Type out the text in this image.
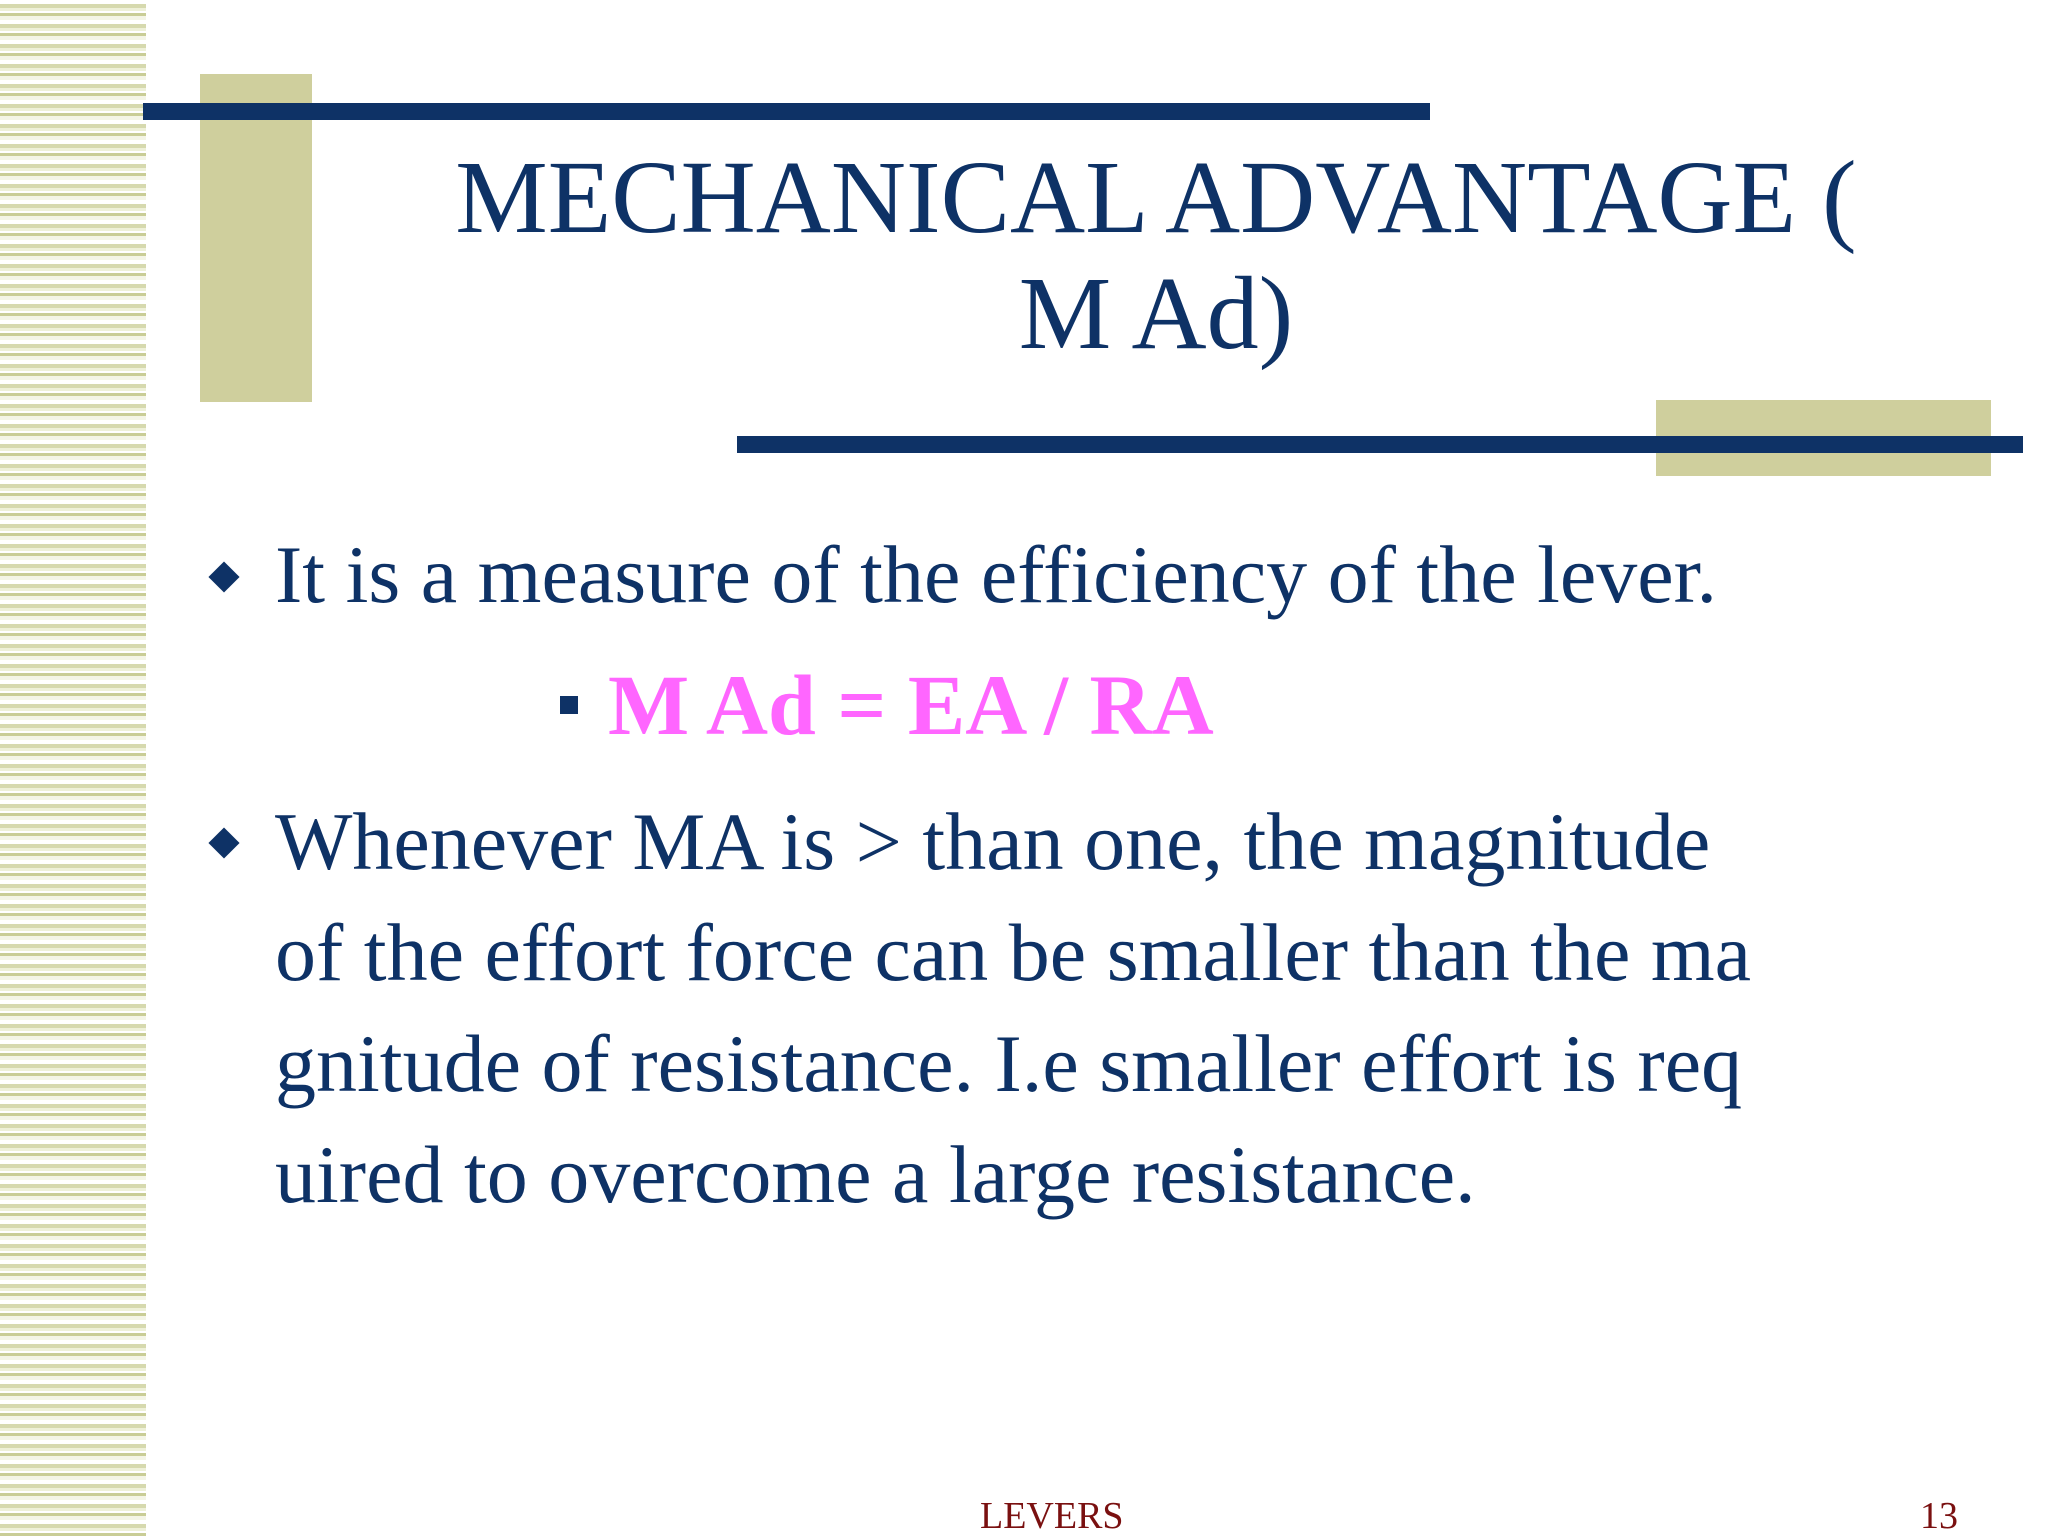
MECHANICAL ADVANTAGE (
M Ad)
It is a measure of the efficiency of the lever.
M Ad = EA / RA
Whenever MA is > than one, the magnitude
of the effort force can be smaller than the ma
gnitude of resistance. I.e smaller effort is req
uired to overcome a large resistance.
LEVERS	13
